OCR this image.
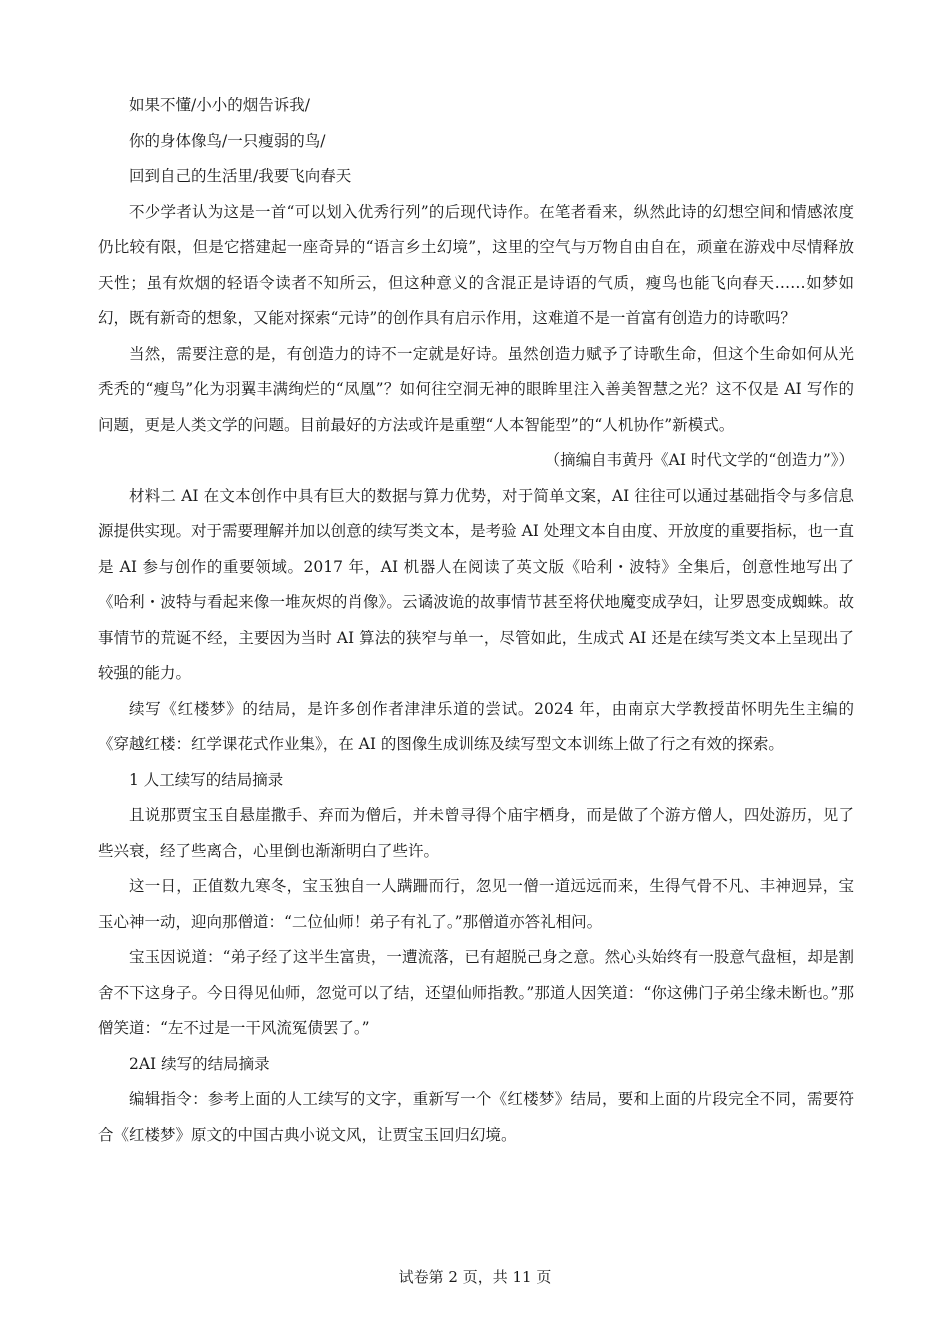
如果不懂/小小的烟告诉我/

你的身体像鸟/一只瘦弱的鸟/

回到自己的生活里/我要飞向春天

不少学者认为这是一首“可以划入优秀行列”的后现代诗作。在笔者看来，纵然此诗的幻想空间和情感浓度仍比较有限，但是它搭建起一座奇异的“语言乡土幻境”，这里的空气与万物自由自在，顽童在游戏中尽情释放天性；虽有炊烟的轻语令读者不知所云，但这种意义的含混正是诗语的气质，瘦鸟也能飞向春天……如梦如幻，既有新奇的想象，又能对探索“元诗”的创作具有启示作用，这难道不是一首富有创造力的诗歌吗？

当然，需要注意的是，有创造力的诗不一定就是好诗。虽然创造力赋予了诗歌生命，但这个生命如何从光秃秃的“瘦鸟”化为羽翼丰满绚烂的“凤凰”？如何往空洞无神的眼眸里注入善美智慧之光？这不仅是 AI 写作的问题，更是人类文学的问题。目前最好的方法或许是重塑“人本智能型”的“人机协作”新模式。

（摘编自韦黄丹《AI 时代文学的“创造力”》）

材料二 AI 在文本创作中具有巨大的数据与算力优势，对于简单文案，AI 往往可以通过基础指令与多信息源提供实现。对于需要理解并加以创意的续写类文本，是考验 AI 处理文本自由度、开放度的重要指标，也一直是 AI 参与创作的重要领域。2017 年，AI 机器人在阅读了英文版《哈利・波特》全集后，创意性地写出了《哈利・波特与看起来像一堆灰烬的肖像》。云谲波诡的故事情节甚至将伏地魔变成孕妇，让罗恩变成蜘蛛。故事情节的荒诞不经，主要因为当时 AI 算法的狭窄与单一，尽管如此，生成式 AI 还是在续写类文本上呈现出了较强的能力。

续写《红楼梦》的结局，是许多创作者津津乐道的尝试。2024 年，由南京大学教授苗怀明先生主编的《穿越红楼：红学课花式作业集》，在 AI 的图像生成训练及续写型文本训练上做了行之有效的探索。

1 人工续写的结局摘录

且说那贾宝玉自悬崖撒手、弃而为僧后，并未曾寻得个庙宇栖身，而是做了个游方僧人，四处游历，见了些兴衰，经了些离合，心里倒也渐渐明白了些许。

这一日，正值数九寒冬，宝玉独自一人蹒跚而行，忽见一僧一道远远而来，生得气骨不凡、丰神迥异，宝玉心神一动，迎向那僧道：“二位仙师！弟子有礼了。”那僧道亦答礼相问。

宝玉因说道：“弟子经了这半生富贵，一遭流落，已有超脱己身之意。然心头始终有一股意气盘桓，却是割舍不下这身子。今日得见仙师，忽觉可以了结，还望仙师指教。”那道人因笑道：“你这佛门子弟尘缘未断也。”那僧笑道：“左不过是一干风流冤债罢了。”

2AI 续写的结局摘录

编辑指令：参考上面的人工续写的文字，重新写一个《红楼梦》结局，要和上面的片段完全不同，需要符合《红楼梦》原文的中国古典小说文风，让贾宝玉回归幻境。

试卷第 2 页，共 11 页
